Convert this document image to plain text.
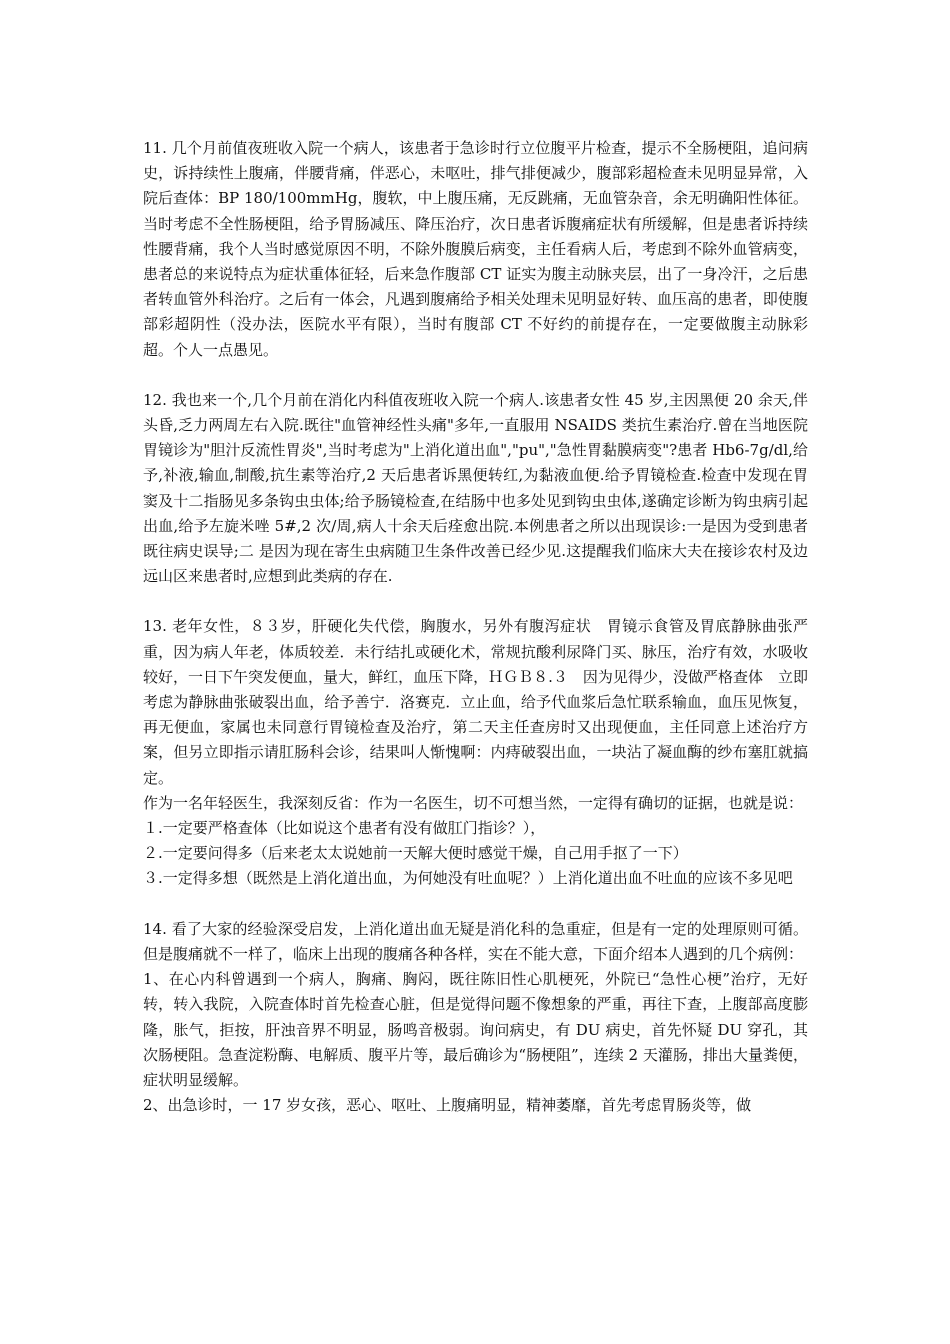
11. 几个月前值夜班收入院一个病人，该患者于急诊时行立位腹平片检查，提示不全肠梗阻，追问病史，诉持续性上腹痛，伴腰背痛，伴恶心，未呕吐，排气排便减少，腹部彩超检查未见明显异常，入院后查体：BP 180/100mmHg，腹软，中上腹压痛，无反跳痛，无血管杂音，余无明确阳性体征。当时考虑不全性肠梗阻，给予胃肠减压、降压治疗，次日患者诉腹痛症状有所缓解，但是患者诉持续性腰背痛，我个人当时感觉原因不明，不除外腹膜后病变，主任看病人后，考虑到不除外血管病变，患者总的来说特点为症状重体征轻，后来急作腹部 CT 证实为腹主动脉夹层，出了一身冷汗，之后患者转血管外科治疗。之后有一体会，凡遇到腹痛给予相关处理未见明显好转、血压高的患者，即使腹部彩超阴性（没办法，医院水平有限），当时有腹部 CT 不好约的前提存在，一定要做腹主动脉彩超。个人一点愚见。

12. 我也来一个,几个月前在消化内科值夜班收入院一个病人.该患者女性 45 岁,主因黑便 20 余天,伴头昏,乏力两周左右入院.既往"血管神经性头痛"多年,一直服用 NSAIDS 类抗生素治疗.曾在当地医院胃镜诊为"胆汁反流性胃炎",当时考虑为"上消化道出血","pu","急性胃黏膜病变"?患者 Hb6-7g/dl,给予,补液,输血,制酸,抗生素等治疗,2 天后患者诉黑便转红,为黏液血便.给予胃镜检查.检查中发现在胃窦及十二指肠见多条钩虫虫体;给予肠镜检查,在结肠中也多处见到钩虫虫体,遂确定诊断为钩虫病引起出血,给予左旋米唑 5#,2 次/周,病人十余天后痊愈出院.本例患者之所以出现误诊:一是因为受到患者既往病史误导;二 是因为现在寄生虫病随卫生条件改善已经少见.这提醒我们临床大夫在接诊农村及边远山区来患者时,应想到此类病的存在.

13. 老年女性，８３岁，肝硬化失代偿，胸腹水，另外有腹泻症状　胃镜示食管及胃底静脉曲张严重，因为病人年老，体质较差．未行结扎或硬化术，常规抗酸利尿降门买、脉压，治疗有效，水吸收较好，一日下午突发便血，量大，鲜红，血压下降，ＨＧＢ８.３　因为见得少，没做严格查体　立即考虑为静脉曲张破裂出血，给予善宁．洛赛克．立止血，给予代血浆后急忙联系输血，血压见恢复，再无便血，家属也未同意行胃镜检查及治疗，第二天主任查房时又出现便血，主任同意上述治疗方案，但另立即指示请肛肠科会诊，结果叫人惭愧啊：内痔破裂出血，一块沾了凝血酶的纱布塞肛就搞定。

作为一名年轻医生，我深刻反省：作为一名医生，切不可想当然，一定得有确切的证据，也就是说：

１.一定要严格查体（比如说这个患者有没有做肛门指诊？），

２.一定要问得多（后来老太太说她前一天解大便时感觉干燥，自己用手抠了一下）

３.一定得多想（既然是上消化道出血，为何她没有吐血呢？）上消化道出血不吐血的应该不多见吧

14. 看了大家的经验深受启发，上消化道出血无疑是消化科的急重症，但是有一定的处理原则可循。但是腹痛就不一样了，临床上出现的腹痛各种各样，实在不能大意，下面介绍本人遇到的几个病例：

1、在心内科曾遇到一个病人，胸痛、胸闷，既往陈旧性心肌梗死，外院已“急性心梗”治疗，无好转，转入我院，入院查体时首先检查心脏，但是觉得问题不像想象的严重，再往下查，上腹部高度膨隆，胀气，拒按，肝浊音界不明显，肠鸣音极弱。询问病史，有 DU 病史，首先怀疑 DU 穿孔，其次肠梗阻。急查淀粉酶、电解质、腹平片等，最后确诊为“肠梗阻”，连续 2 天灌肠，排出大量粪便，症状明显缓解。

2、出急诊时，一 17 岁女孩，恶心、呕吐、上腹痛明显，精神萎靡，首先考虑胃肠炎等，做
